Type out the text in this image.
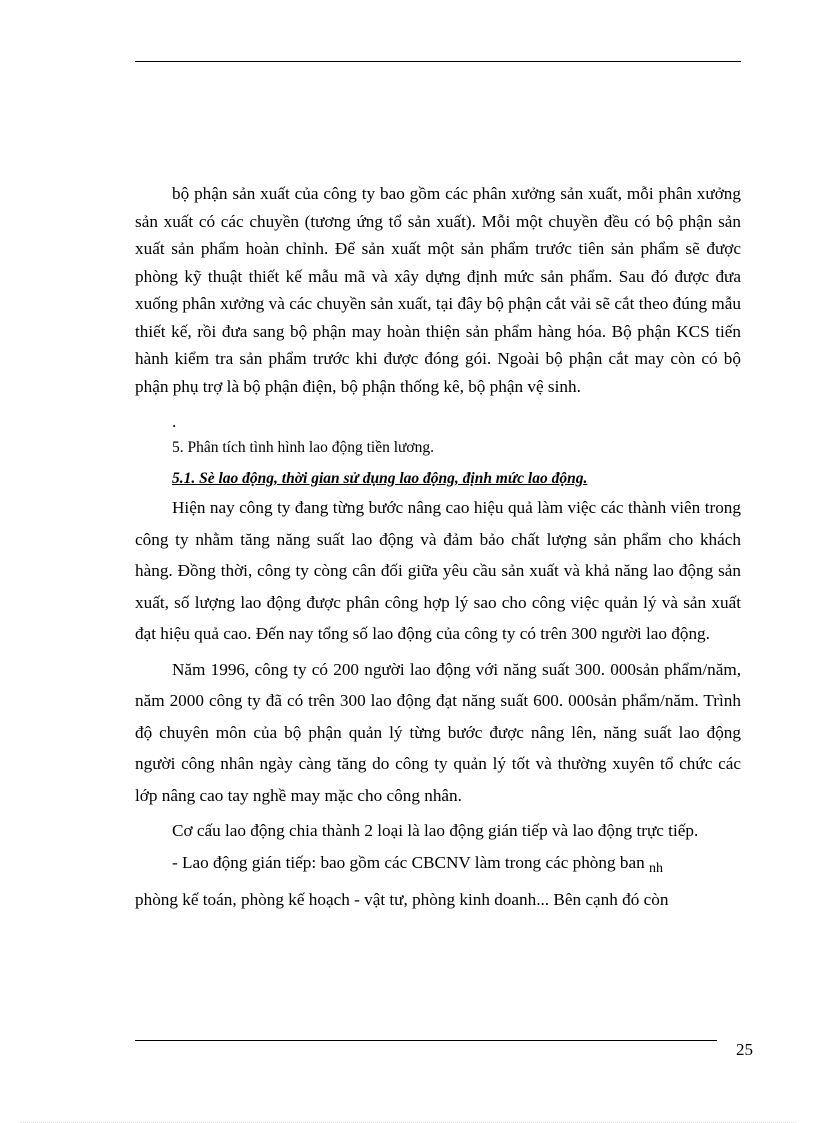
bộ phận sản xuất của công ty bao gồm các phân xưởng sản xuất, mỗi phân xưởng sản xuất có các chuyền (tương ứng tổ sản xuất). Mỗi một chuyền đều có bộ phận sản xuất sản phẩm hoàn chỉnh. Để sản xuất một sản phẩm trước tiên sản phẩm sẽ được phòng kỹ thuật thiết kế mẫu mã và xây dựng định mức sản phẩm. Sau đó được đưa xuống phân xưởng và các chuyền sản xuất, tại đây bộ phận cắt vải sẽ cắt theo đúng mẫu thiết kế, rồi đưa sang bộ phận may hoàn thiện sản phẩm hàng hóa. Bộ phận KCS tiến hành kiểm tra sản phẩm trước khi được đóng gói. Ngoài bộ phận cắt may còn có bộ phận phụ trợ là bộ phận điện, bộ phận thống kê, bộ phận vệ sinh.

.

5. Phân tích tình hình lao động tiền lương.

5.1. Sè lao động, thời gian sử dụng lao động, định mức lao động.

Hiện nay công ty đang từng bước nâng cao hiệu quả làm việc các thành viên trong công ty nhằm tăng năng suất lao động và đảm bảo chất lượng sản phẩm cho khách hàng. Đồng thời, công ty còng cân đối giữa yêu cầu sản xuất và khả năng lao động sản xuất, số lượng lao động được phân công hợp lý sao cho công việc quản lý và sản xuất đạt hiệu quả cao. Đến nay tổng số lao động của công ty có trên 300 người lao động.

Năm 1996, công ty có 200 người lao động với năng suất 300. 000sản phẩm/năm, năm 2000 công ty đã có trên 300 lao động đạt năng suất 600. 000sản phẩm/năm. Trình độ chuyên môn của bộ phận quản lý từng bước được nâng lên, năng suất lao động người công nhân ngày càng tăng do công ty quản lý tốt và thường xuyên tổ chức các lớp nâng cao tay nghề may mặc cho công nhân.

Cơ cấu lao động chia thành 2 loại là lao động gián tiếp và lao động trực tiếp.

- Lao động gián tiếp: bao gồm các CBCNV làm trong các phòng ban $_{nh}$
phòng kế toán, phòng kế hoạch - vật tư, phòng kinh doanh... Bên cạnh đó còn

25
